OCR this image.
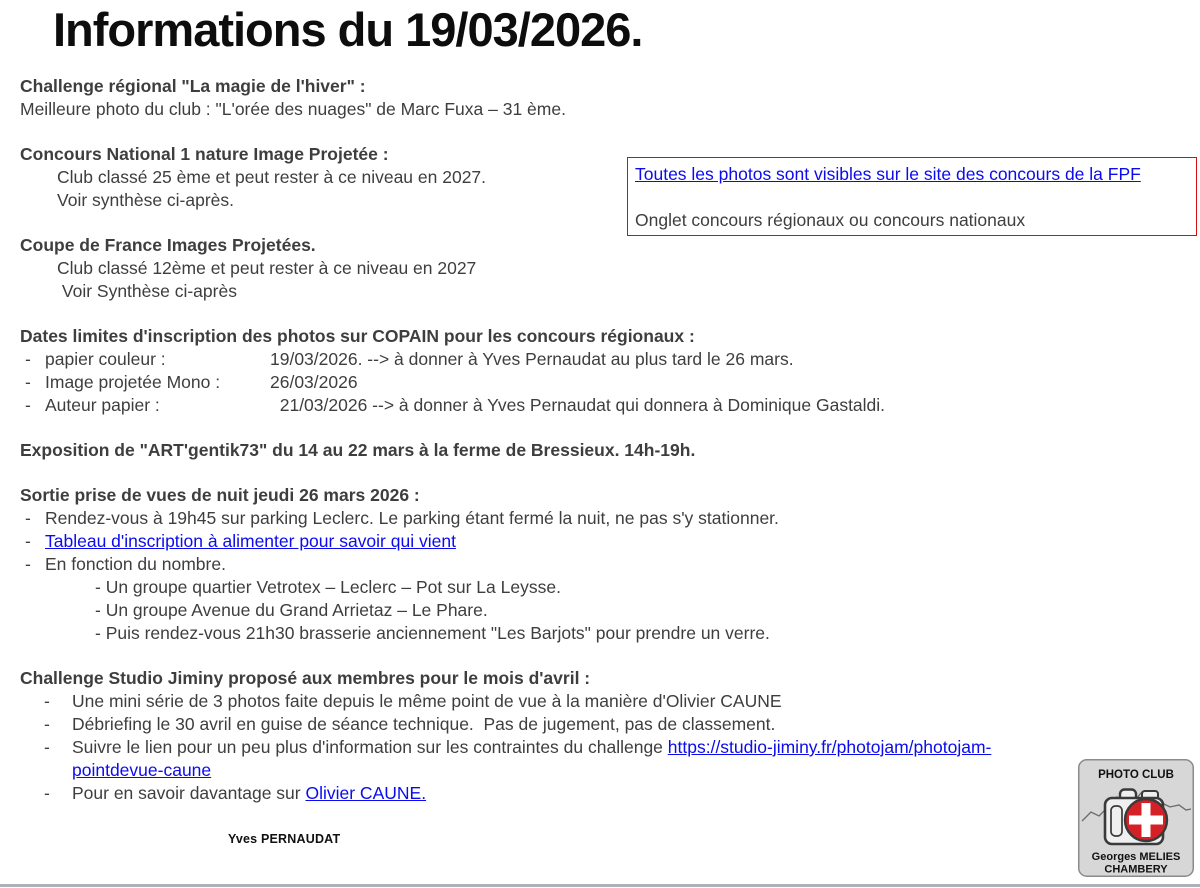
Informations du 19/03/2026.

Challenge régional "La magie de l'hiver" :

Meilleure photo du club : "L'orée des nuages" de Marc Fuxa – 31 ème.

Concours National 1 nature Image Projetée :

Club classé 25 ème et peut rester à ce niveau en 2027.

Voir synthèse ci-après.

Coupe de France Images Projetées.

Club classé 12ème et peut rester à ce niveau en 2027

Voir Synthèse ci-après

Dates limites d'inscription des photos sur COPAIN pour les concours régionaux :

- papier couleur :	19/03/2026. --> à donner à Yves Pernaudat au plus tard le 26 mars.

- Image projetée Mono :	26/03/2026

- Auteur papier :	21/03/2026 --> à donner à Yves Pernaudat qui donnera à Dominique Gastaldi.

Exposition de "ART'gentik73" du 14 au 22 mars à la ferme de Bressieux. 14h-19h.

Sortie prise de vues de nuit jeudi 26 mars 2026 :

- Rendez-vous à 19h45 sur parking Leclerc. Le parking étant fermé la nuit, ne pas s'y stationner.

- Tableau d'inscription à alimenter pour savoir qui vient

- En fonction du nombre.

- Un groupe quartier Vetrotex – Leclerc – Pot sur La Leysse.

- Un groupe Avenue du Grand Arrietaz – Le Phare.

- Puis rendez-vous 21h30 brasserie anciennement "Les Barjots" pour prendre un verre.

Challenge Studio Jiminy proposé aux membres pour le mois d'avril :

-	Une mini série de 3 photos faite depuis le même point de vue à la manière d'Olivier CAUNE

-	Débriefing le 30 avril en guise de séance technique.  Pas de jugement, pas de classement.

-	Suivre le lien pour un peu plus d'information sur les contraintes du challenge https://studio-jiminy.fr/photojam/photojam-pointdevue-caune

-	Pour en savoir davantage sur Olivier CAUNE.

Toutes les photos sont visibles sur le site des concours de la FPF

Onglet concours régionaux ou concours nationaux

Yves PERNAUDAT
PHOTO CLUB
Georges MELIES
CHAMBERY
